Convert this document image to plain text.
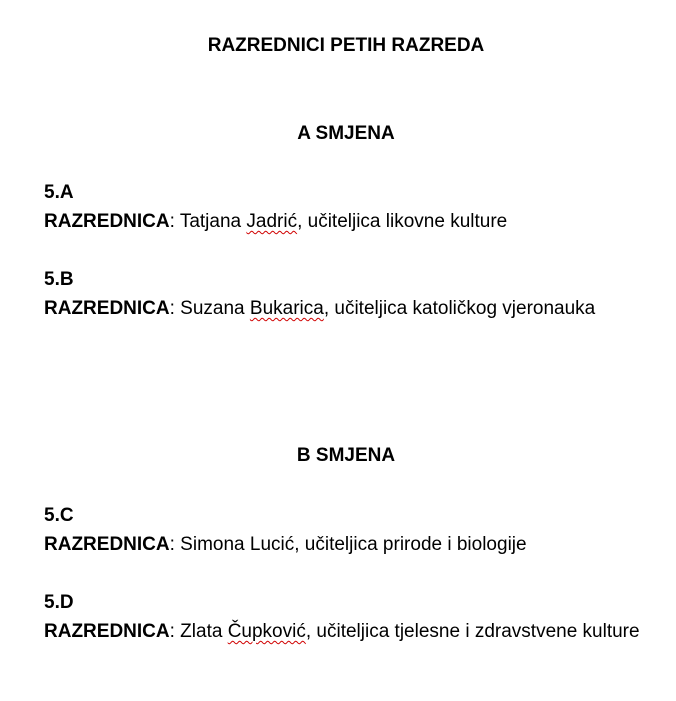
RAZREDNICI PETIH RAZREDA
A SMJENA
5.A
RAZREDNICA: Tatjana Jadrić, učiteljica likovne kulture
5.B
RAZREDNICA: Suzana Bukarica, učiteljica katoličkog vjeronauka
B SMJENA
5.C
RAZREDNICA: Simona Lucić, učiteljica prirode i biologije
5.D
RAZREDNICA: Zlata Čupković, učiteljica tjelesne i zdravstvene kulture
